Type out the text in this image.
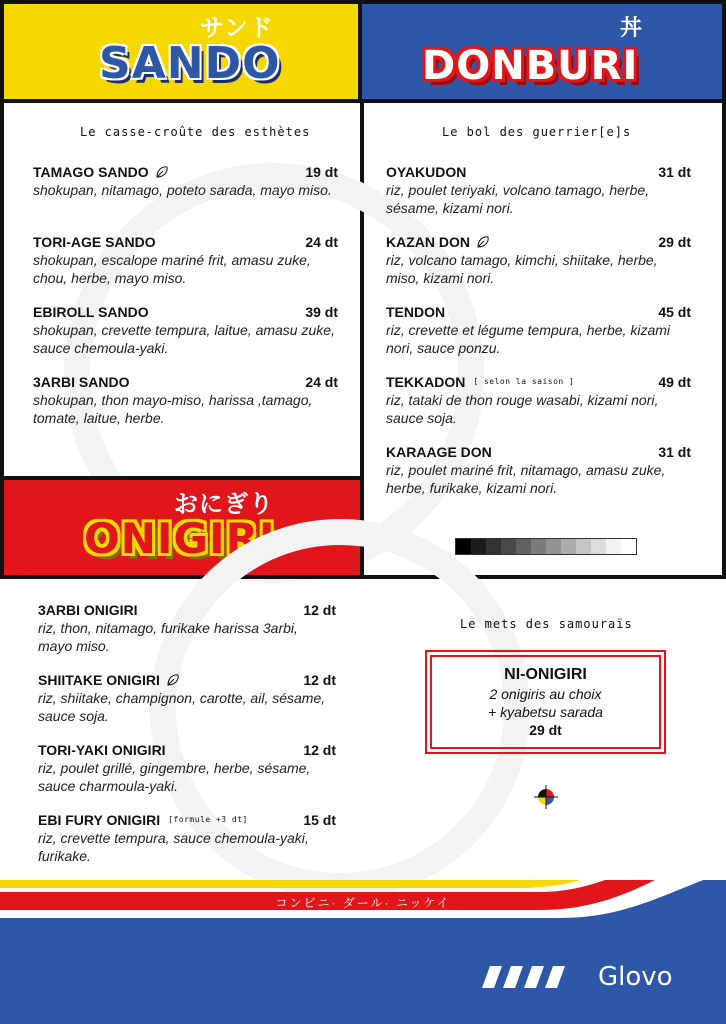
サンド
SANDO
丼
DONBURI
Le casse-croûte des esthètes
TAMAGO SANDO	19 dt
shokupan, nitamago, poteto sarada, mayo miso.
TORI-AGE SANDO	24 dt
shokupan, escalope mariné frit, amasu zuke, chou, herbe, mayo miso.
EBIROLL SANDO	39 dt
shokupan, crevette tempura, laitue, amasu zuke, sauce chemoula-yaki.
3ARBI SANDO	24 dt
shokupan, thon mayo-miso, harissa ,tamago, tomate, laitue, herbe.
Le bol des guerrier[e]s
OYAKUDON	31 dt
riz, poulet teriyaki, volcano tamago, herbe, sésame, kizami nori.
KAZAN DON	29 dt
riz, volcano tamago, kimchi, shiitake, herbe, miso, kizami nori.
TENDON	45 dt
riz, crevette et légume tempura, herbe, kizami nori, sauce ponzu.
TEKKADON [ selon la saison ]	49 dt
riz, tataki de thon rouge wasabi, kizami nori, sauce soja.
KARAAGE DON	31 dt
riz, poulet mariné frit, nitamago, amasu zuke, herbe, furikake, kizami nori.
おにぎり
ONIGIRI
3ARBI ONIGIRI	12 dt
riz, thon, nitamago, furikake harissa 3arbi, mayo miso.
SHIITAKE ONIGIRI	12 dt
riz, shiitake, champignon, carotte, ail, sésame, sauce soja.
TORI-YAKI ONIGIRI	12 dt
riz, poulet grillé, gingembre, herbe, sésame, sauce charmoula-yaki.
EBI FURY ONIGIRI [formule +3 dt]	15 dt
riz, crevette tempura, sauce chemoula-yaki, furikake.
Le mets des samouraïs
NI-ONIGIRI
2 onigiris au choix
+ kyabetsu sarada
29 dt
コンビニ· ダール· ニッケイ
Glovo
